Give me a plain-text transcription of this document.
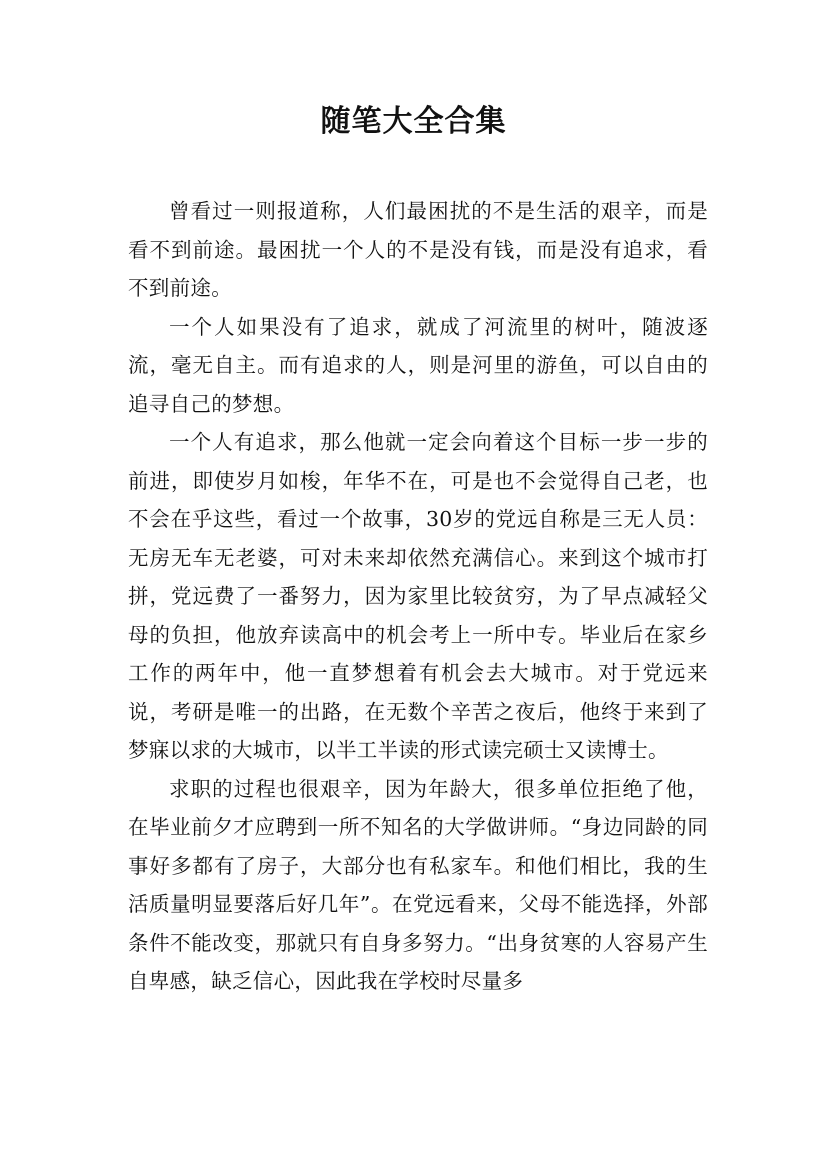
随笔大全合集

曾看过一则报道称，人们最困扰的不是生活的艰辛，而是看不到前途。最困扰一个人的不是没有钱，而是没有追求，看不到前途。

一个人如果没有了追求，就成了河流里的树叶，随波逐流，毫无自主。而有追求的人，则是河里的游鱼，可以自由的追寻自己的梦想。

一个人有追求，那么他就一定会向着这个目标一步一步的前进，即使岁月如梭，年华不在，可是也不会觉得自己老，也不会在乎这些，看过一个故事，30岁的党远自称是三无人员：无房无车无老婆，可对未来却依然充满信心。来到这个城市打拼，党远费了一番努力，因为家里比较贫穷，为了早点减轻父母的负担，他放弃读高中的机会考上一所中专。毕业后在家乡工作的两年中，他一直梦想着有机会去大城市。对于党远来说，考研是唯一的出路，在无数个辛苦之夜后，他终于来到了梦寐以求的大城市，以半工半读的形式读完硕士又读博士。

求职的过程也很艰辛，因为年龄大，很多单位拒绝了他，在毕业前夕才应聘到一所不知名的大学做讲师。“身边同龄的同事好多都有了房子，大部分也有私家车。和他们相比，我的生活质量明显要落后好几年”。在党远看来，父母不能选择，外部条件不能改变，那就只有自身多努力。“出身贫寒的人容易产生自卑感，缺乏信心，因此我在学校时尽量多
